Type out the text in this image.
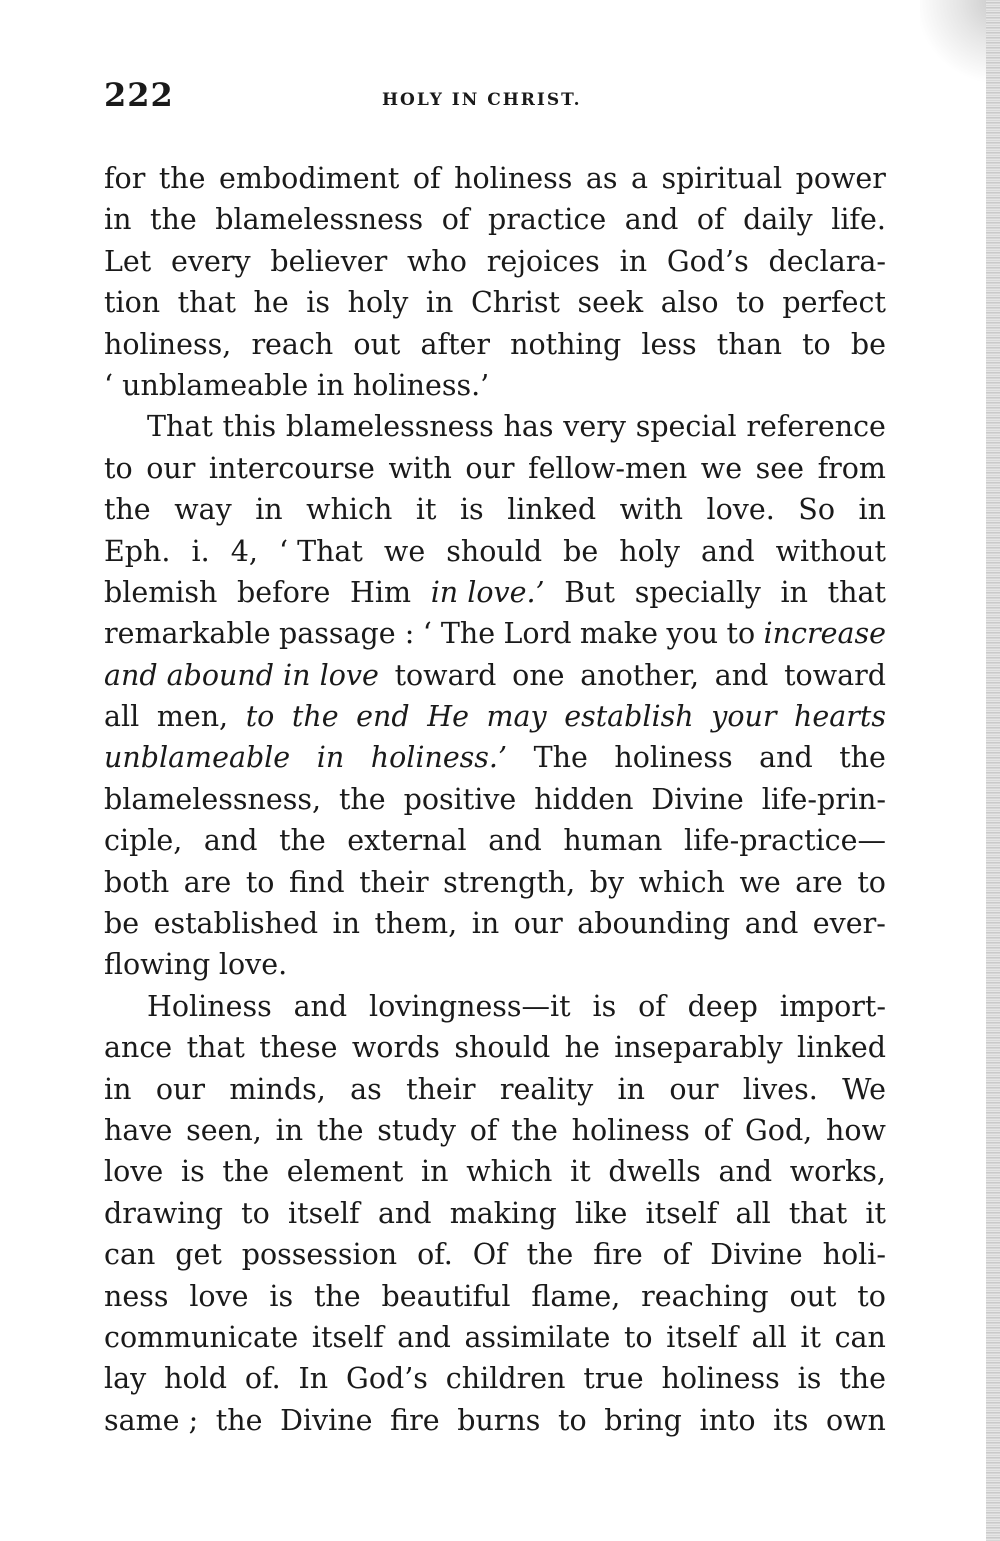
222	HOLY IN CHRIST.
for the embodiment of holiness as a spiritual power
in the blamelessness of practice and of daily life.
Let every believer who rejoices in God’s declara-
tion that he is holy in Christ seek also to perfect
holiness, reach out after nothing less than to be
‘ unblameable in holiness.’
That this blamelessness has very special reference
to our intercourse with our fellow-men we see from
the way in which it is linked with love. So in
Eph. i. 4, ‘ That we should be holy and without
blemish before Him in love.’ But specially in that
remarkable passage : ‘ The Lord make you to increase
and abound in love toward one another, and toward
all men, to the end He may establish your hearts
unblameable in holiness.’ The holiness and the
blamelessness, the positive hidden Divine life-prin-
ciple, and the external and human life-practice—
both are to find their strength, by which we are to
be established in them, in our abounding and ever-
flowing love.
Holiness and lovingness—it is of deep import-
ance that these words should he inseparably linked
in our minds, as their reality in our lives. We
have seen, in the study of the holiness of God, how
love is the element in which it dwells and works,
drawing to itself and making like itself all that it
can get possession of. Of the fire of Divine holi-
ness love is the beautiful flame, reaching out to
communicate itself and assimilate to itself all it can
lay hold of. In God’s children true holiness is the
same ; the Divine fire burns to bring into its own
